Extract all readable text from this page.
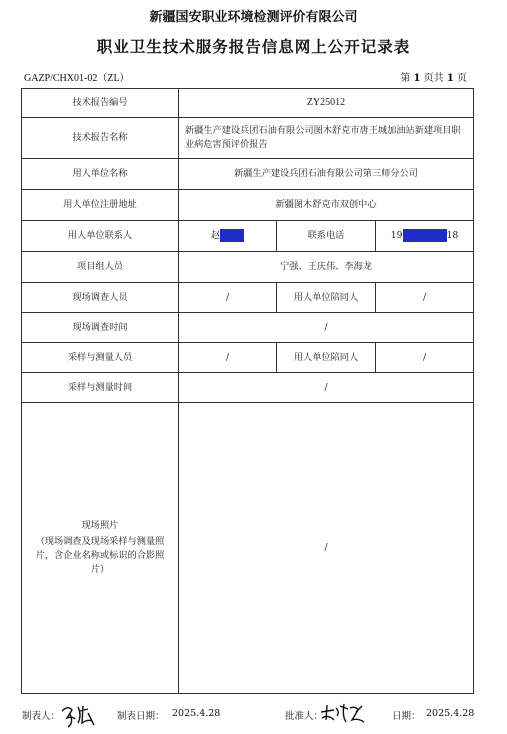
新疆国安职业环境检测评价有限公司
职业卫生技术服务报告信息网上公开记录表
GAZP/CHX01-02（ZL）	第 1 页共 1 页
技术报告编号	ZY25012		
技术报告名称	新疆生产建设兵团石油有限公司图木舒克市唐王城加油站新建项目职业病危害预评价报告		
用人单位名称	新疆生产建设兵团石油有限公司第三师分公司		
用人单位注册地址	新疆图木舒克市双创中心		
用人单位联系人	赵	联系电话	19 18
项目组人员	宁强、王庆伟、李海龙		
现场调查人员	/	用人单位陪同人	/
现场调查时间	/		
采样与测量人员	/	用人单位陪同人	/
采样与测量时间	/		

现场照片
（现场调查及现场采样与测量照片，含企业名称或标识的合影照片）	/		
制表人：	制表日期： 2025.4.28	批准人：	日期： 2025.4.28
